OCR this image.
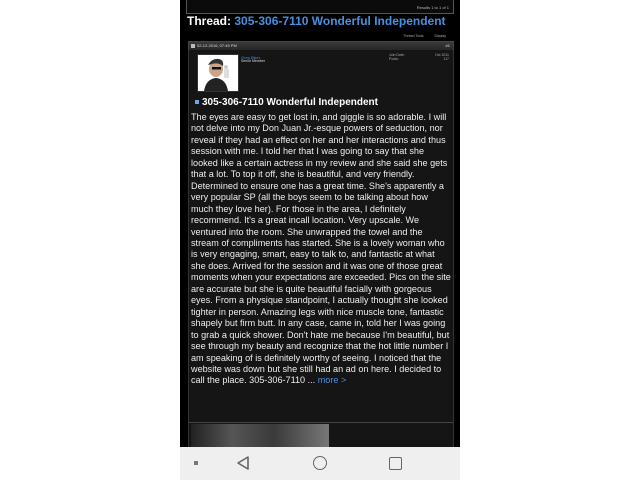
Results 1 to 1 of 1
Thread: 305-306-7110 Wonderful Independent
Thread Tools	Display
02-12-2016, 07:45 PM	#1
Greg Biker
Senior Member
Join Date:	Oct 2011
Posts:	117
305-306-7110 Wonderful Independent
The eyes are easy to get lost in, and giggle is so adorable. I will not delve into my Don Juan Jr.-esque powers of seduction, nor reveal if they had an effect on her and her interactions and thus session with me. I told her that I was going to say that she looked like a certain actress in my review and she said she gets that a lot. To top it off, she is beautiful, and very friendly. Determined to ensure one has a great time. She's apparently a very popular SP (all the boys seem to be talking about how much they love her). For those in the area, I definitely recommend. It's a great incall location. Very upscale. We ventured into the room. She unwrapped the towel and the stream of compliments has started. She is a lovely woman who is very engaging, smart, easy to talk to, and fantastic at what she does. Arrived for the session and it was one of those great moments when your expectations are exceeded. Pics on the site are accurate but she is quite beautiful facially with gorgeous eyes. From a physique standpoint, I actually thought she looked tighter in person. Amazing legs with nice muscle tone, fantastic shapely but firm butt. In any case, came in, told her I was going to grab a quick shower. Don't hate me because I'm beautiful, but see through my beauty and recognize that the hot little number I am speaking of is definitely worthy of seeing. I noticed that the website was down but she still had an ad on here. I decided to call the place. 305-306-7110 ... more >
